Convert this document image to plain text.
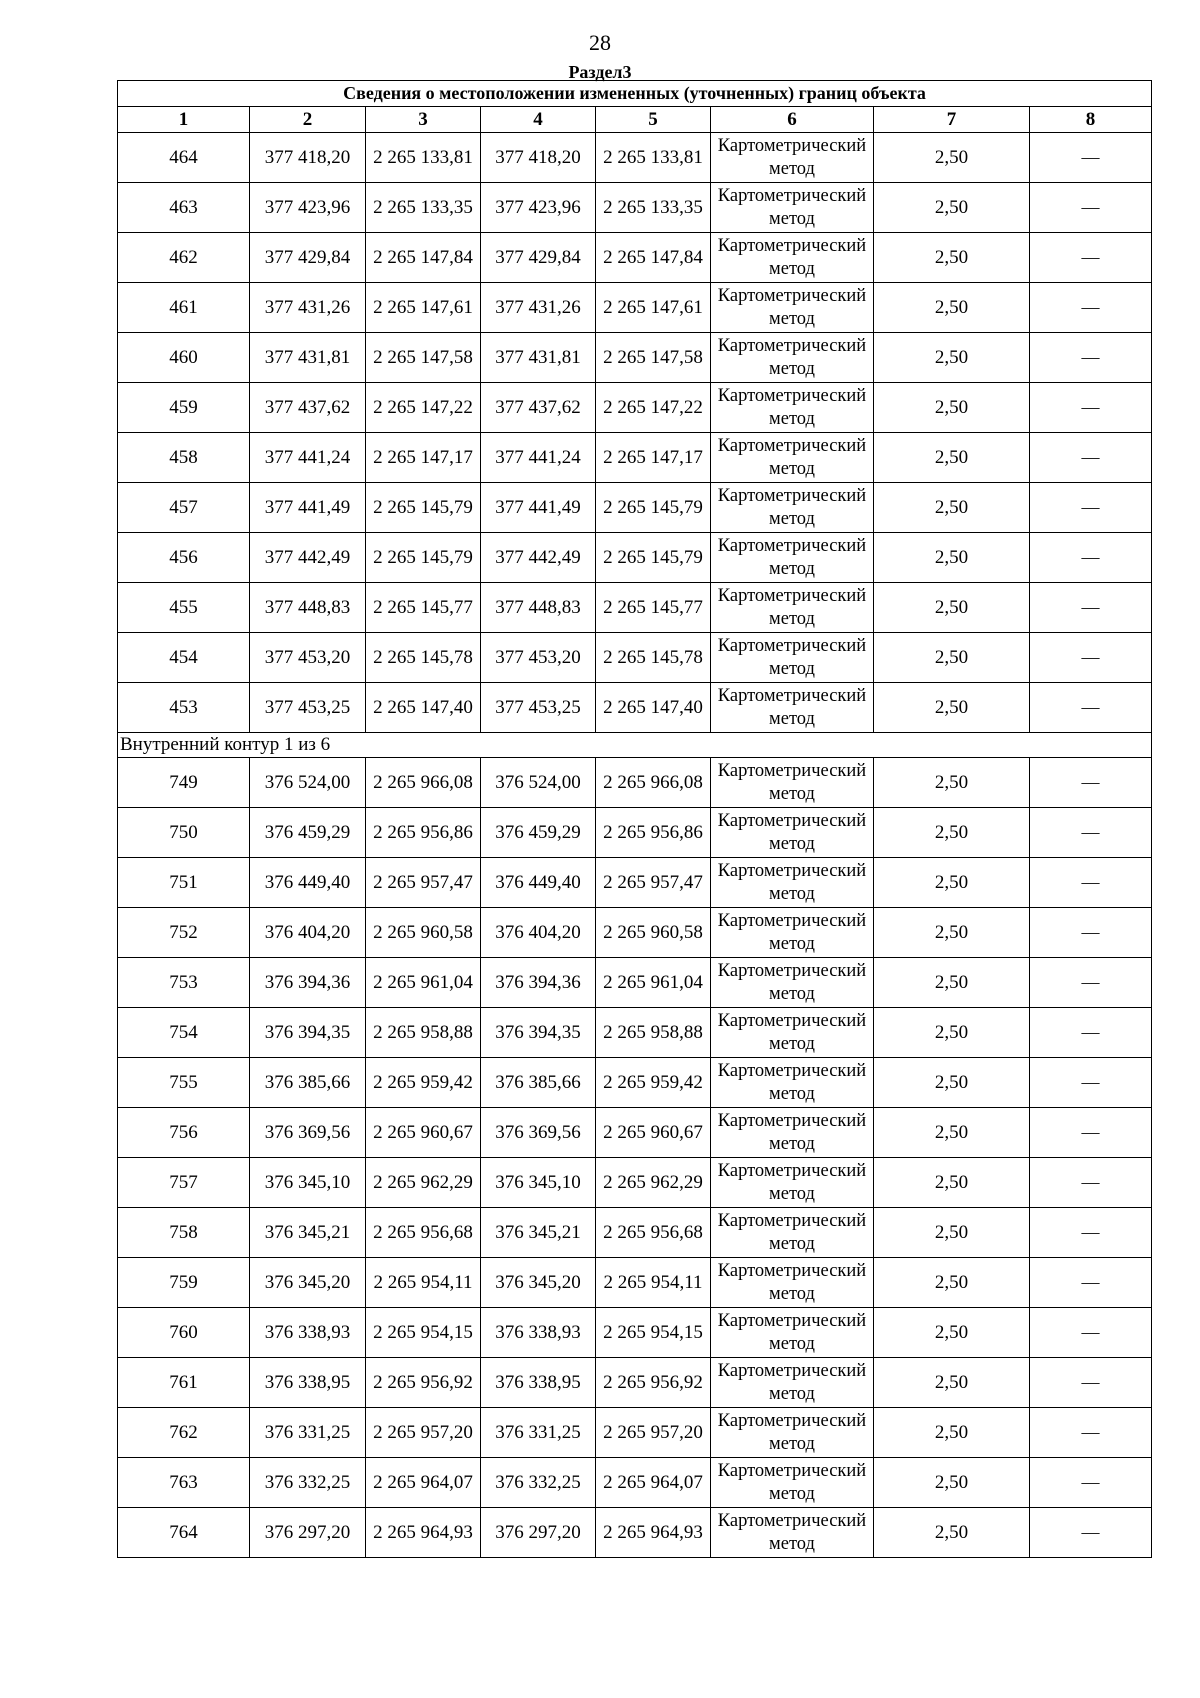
28
Раздел3
Сведения о местоположении измененных (уточненных) границ объекта							
1	2	3	4	5	6	7	8
464	377 418,20	2 265 133,81	377 418,20	2 265 133,81	Картометрический метод	2,50	—
463	377 423,96	2 265 133,35	377 423,96	2 265 133,35	Картометрический метод	2,50	—
462	377 429,84	2 265 147,84	377 429,84	2 265 147,84	Картометрический метод	2,50	—
461	377 431,26	2 265 147,61	377 431,26	2 265 147,61	Картометрический метод	2,50	—
460	377 431,81	2 265 147,58	377 431,81	2 265 147,58	Картометрический метод	2,50	—
459	377 437,62	2 265 147,22	377 437,62	2 265 147,22	Картометрический метод	2,50	—
458	377 441,24	2 265 147,17	377 441,24	2 265 147,17	Картометрический метод	2,50	—
457	377 441,49	2 265 145,79	377 441,49	2 265 145,79	Картометрический метод	2,50	—
456	377 442,49	2 265 145,79	377 442,49	2 265 145,79	Картометрический метод	2,50	—
455	377 448,83	2 265 145,77	377 448,83	2 265 145,77	Картометрический метод	2,50	—
454	377 453,20	2 265 145,78	377 453,20	2 265 145,78	Картометрический метод	2,50	—
453	377 453,25	2 265 147,40	377 453,25	2 265 147,40	Картометрический метод	2,50	—
Внутренний контур 1 из 6							
749	376 524,00	2 265 966,08	376 524,00	2 265 966,08	Картометрический метод	2,50	—
750	376 459,29	2 265 956,86	376 459,29	2 265 956,86	Картометрический метод	2,50	—
751	376 449,40	2 265 957,47	376 449,40	2 265 957,47	Картометрический метод	2,50	—
752	376 404,20	2 265 960,58	376 404,20	2 265 960,58	Картометрический метод	2,50	—
753	376 394,36	2 265 961,04	376 394,36	2 265 961,04	Картометрический метод	2,50	—
754	376 394,35	2 265 958,88	376 394,35	2 265 958,88	Картометрический метод	2,50	—
755	376 385,66	2 265 959,42	376 385,66	2 265 959,42	Картометрический метод	2,50	—
756	376 369,56	2 265 960,67	376 369,56	2 265 960,67	Картометрический метод	2,50	—
757	376 345,10	2 265 962,29	376 345,10	2 265 962,29	Картометрический метод	2,50	—
758	376 345,21	2 265 956,68	376 345,21	2 265 956,68	Картометрический метод	2,50	—
759	376 345,20	2 265 954,11	376 345,20	2 265 954,11	Картометрический метод	2,50	—
760	376 338,93	2 265 954,15	376 338,93	2 265 954,15	Картометрический метод	2,50	—
761	376 338,95	2 265 956,92	376 338,95	2 265 956,92	Картометрический метод	2,50	—
762	376 331,25	2 265 957,20	376 331,25	2 265 957,20	Картометрический метод	2,50	—
763	376 332,25	2 265 964,07	376 332,25	2 265 964,07	Картометрический метод	2,50	—
764	376 297,20	2 265 964,93	376 297,20	2 265 964,93	Картометрический метод	2,50	—
